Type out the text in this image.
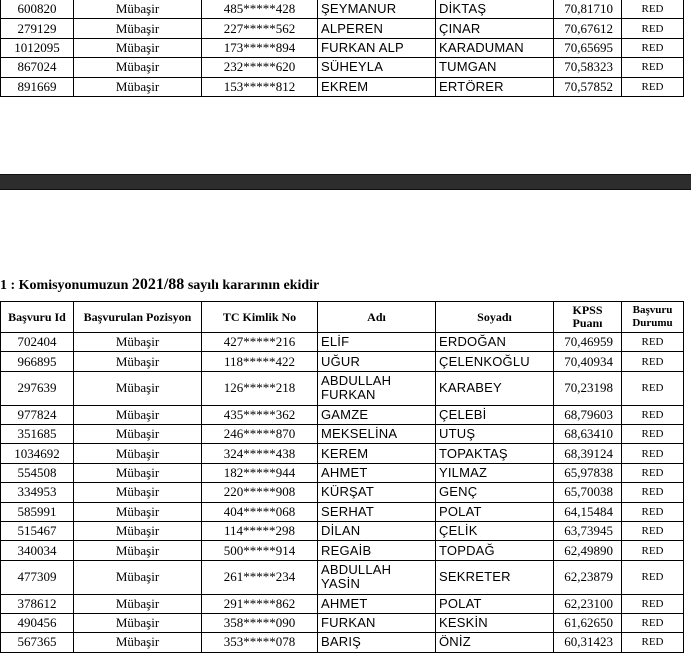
600820	Mübaşir	485*****428	ŞEYMANUR	DİKTAŞ	70,81710	RED
279129	Mübaşir	227*****562	ALPEREN	ÇINAR	70,67612	RED
1012095	Mübaşir	173*****894	FURKAN ALP	KARADUMAN	70,65695	RED
867024	Mübaşir	232*****620	SÜHEYLA	TUMGAN	70,58323	RED
891669	Mübaşir	153*****812	EKREM	ERTÖRER	70,57852	RED
1 : Komisyonumuzun 2021/88 sayılı kararının ekidir
Başvuru Id	Başvurulan Pozisyon	TC Kimlik No	Adı	Soyadı	KPSS Puanı	Başvuru Durumu
702404	Mübaşir	427*****216	ELİF	ERDOĞAN	70,46959	RED
966895	Mübaşir	118*****422	UĞUR	ÇELENKOĞLU	70,40934	RED
297639	Mübaşir	126*****218	ABDULLAH FURKAN	KARABEY	70,23198	RED
977824	Mübaşir	435*****362	GAMZE	ÇELEBİ	68,79603	RED
351685	Mübaşir	246*****870	MEKSELİNA	UTUŞ	68,63410	RED
1034692	Mübaşir	324*****438	KEREM	TOPAKTAŞ	68,39124	RED
554508	Mübaşir	182*****944	AHMET	YILMAZ	65,97838	RED
334953	Mübaşir	220*****908	KÜRŞAT	GENÇ	65,70038	RED
585991	Mübaşir	404*****068	SERHAT	POLAT	64,15484	RED
515467	Mübaşir	114*****298	DİLAN	ÇELİK	63,73945	RED
340034	Mübaşir	500*****914	REGAİB	TOPDAĞ	62,49890	RED
477309	Mübaşir	261*****234	ABDULLAH YASİN	SEKRETER	62,23879	RED
378612	Mübaşir	291*****862	AHMET	POLAT	62,23100	RED
490456	Mübaşir	358*****090	FURKAN	KESKİN	61,62650	RED
567365	Mübaşir	353*****078	BARIŞ	ÖNİZ	60,31423	RED
